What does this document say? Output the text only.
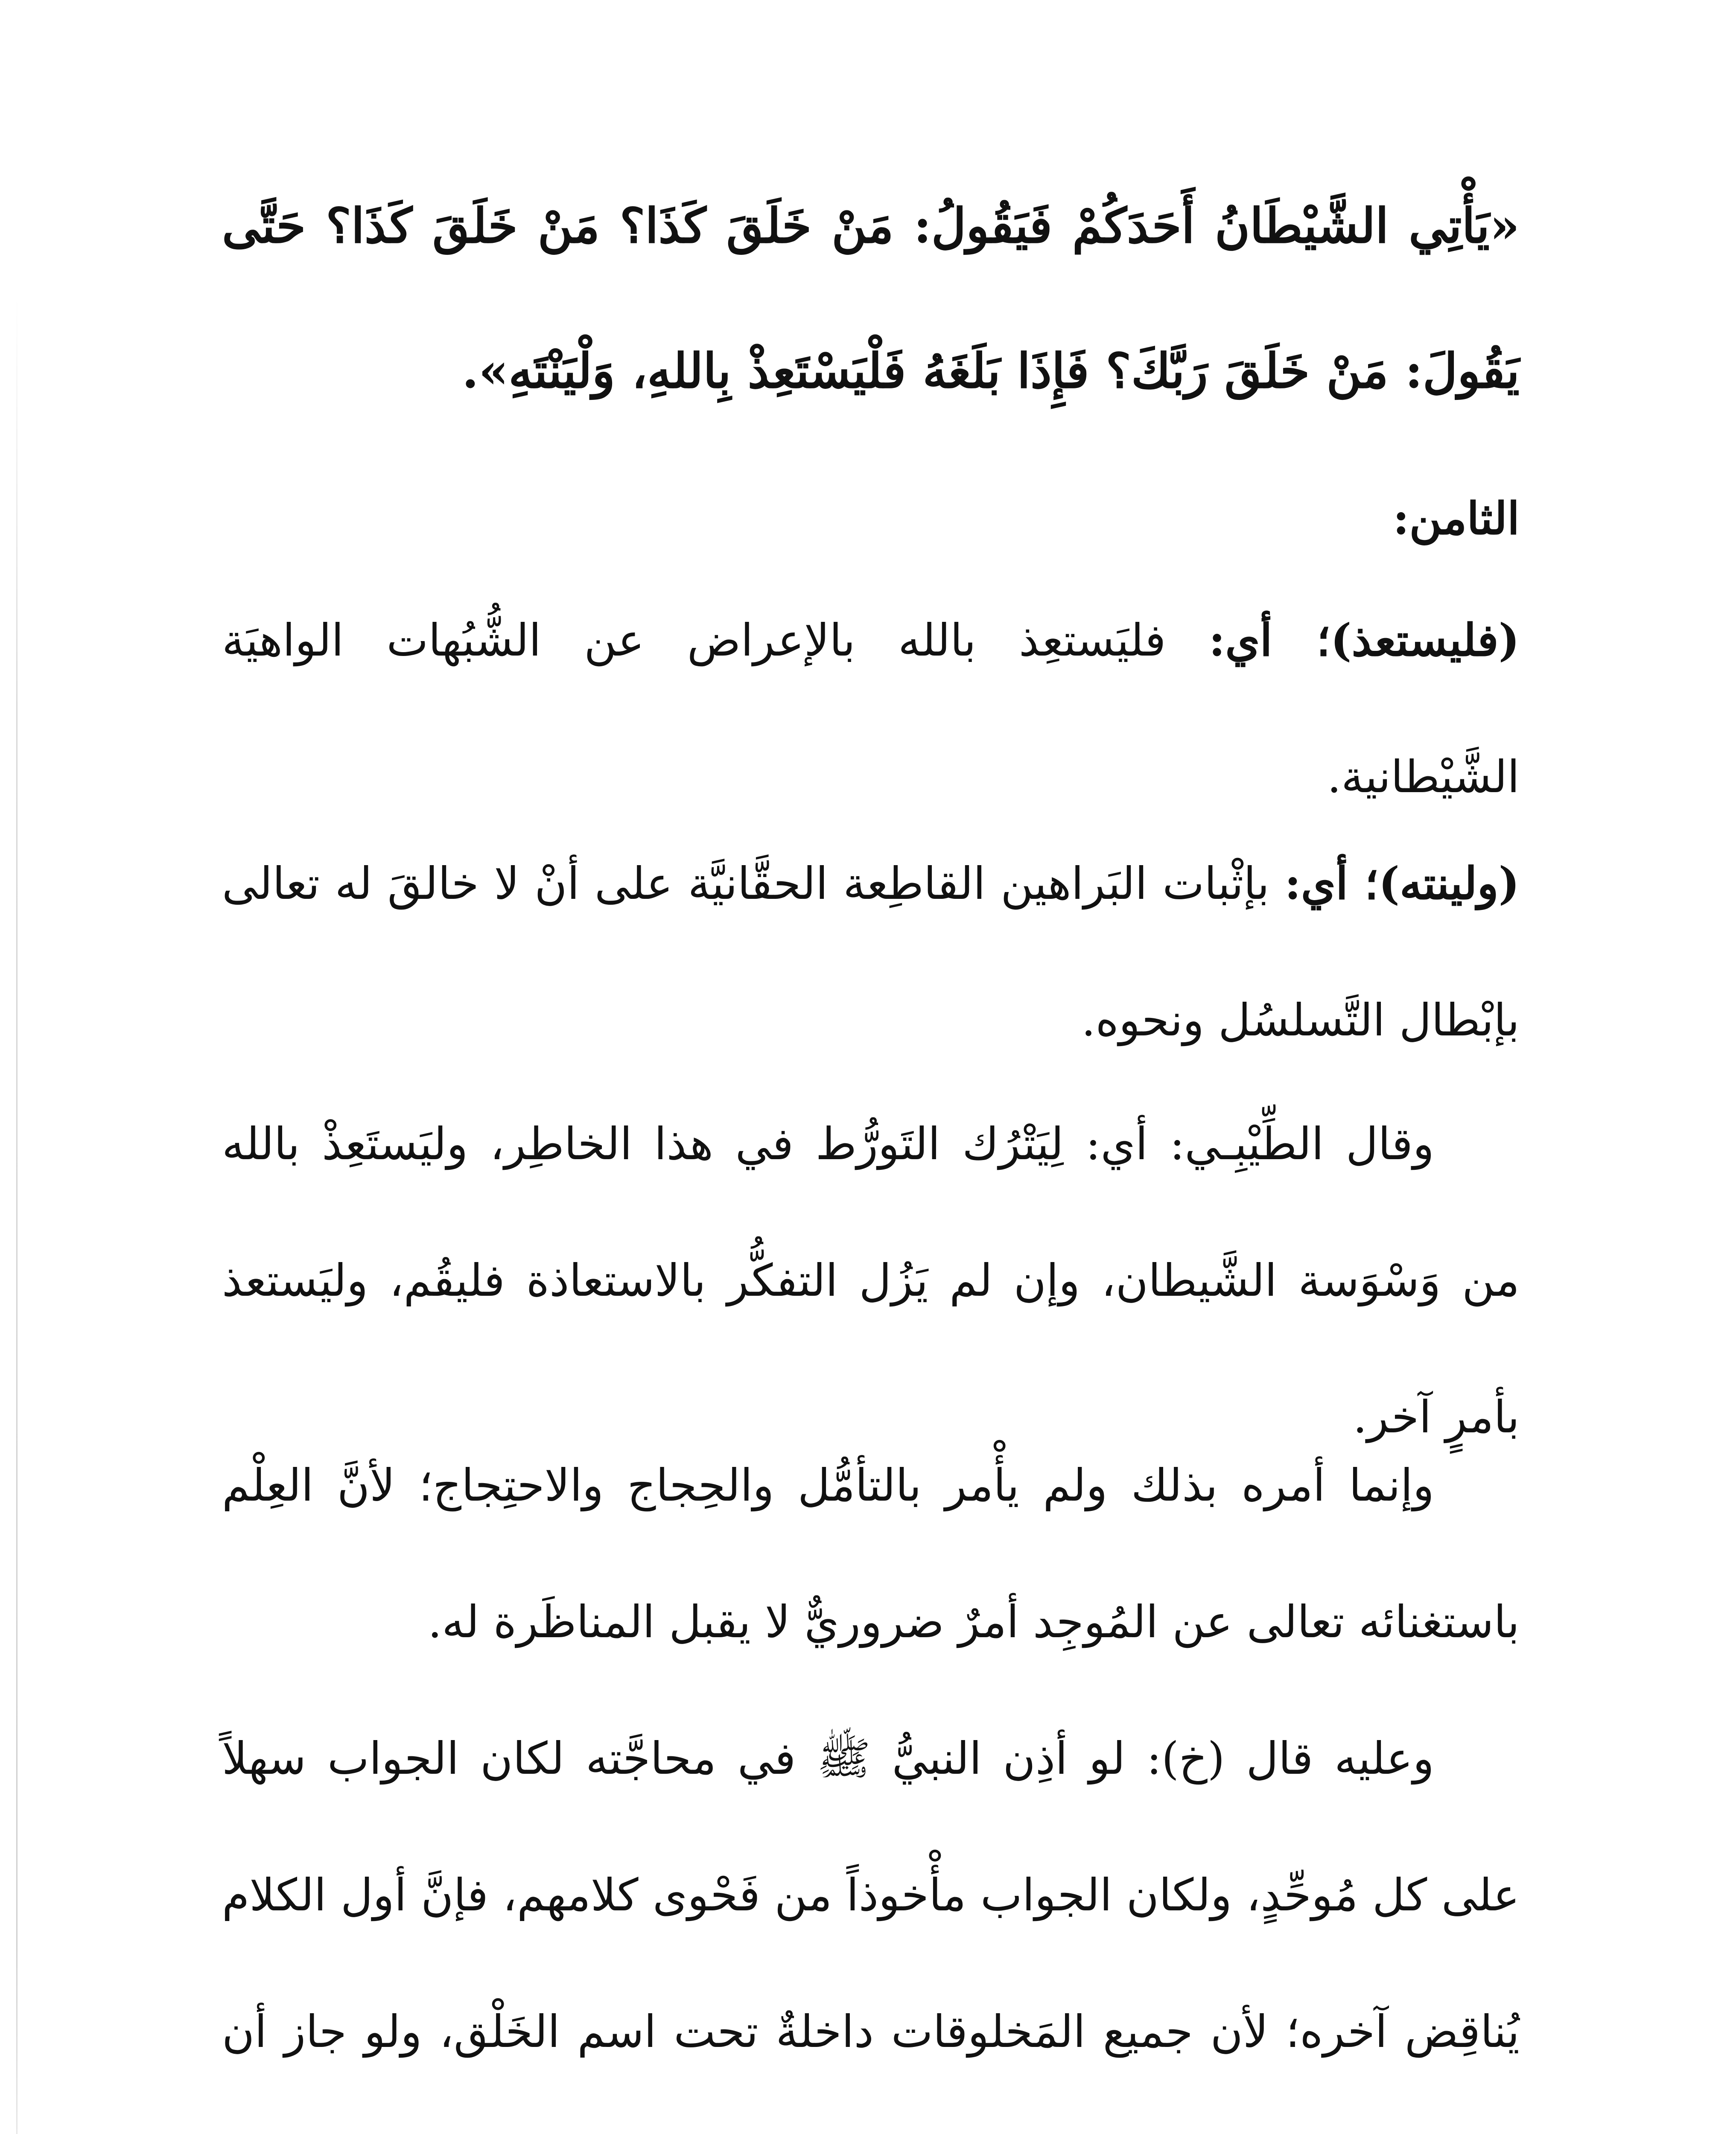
«يَأْتِي الشَّيْطَانُ أَحَدَكُمْ فَيَقُولُ: مَنْ خَلَقَ كَذَا؟ مَنْ خَلَقَ كَذَا؟ حَتَّى يَقُولَ: مَنْ خَلَقَ رَبَّكَ؟ فَإِذَا بَلَغَهُ فَلْيَسْتَعِذْ بِاللهِ، وَلْيَنْتَهِ».
الثامن:
(فليستعذ)؛ أي: فليَستعِذ بالله بالإعراض عن الشُّبُهات الواهيَة الشَّيْطانية.
(ولينته)؛ أي: بإثْبات البَراهين القاطِعة الحقَّانيَّة على أنْ لا خالقَ له تعالى بإبْطال التَّسلسُل ونحوه.
وقال الطِّيْبِـي: أي: لِيَتْرُك التَورُّط في هذا الخاطِر، وليَستَعِذْ بالله من وَسْوَسة الشَّيطان، وإن لم يَزُل التفكُّر بالاستعاذة فليقُم، وليَستعذ بأمرٍ آخر.
وإنما أمره بذلك ولم يأْمر بالتأمُّل والحِجاج والاحتِجاج؛ لأنَّ العِلْم باستغنائه تعالى عن المُوجِد أمرٌ ضروريٌّ لا يقبل المناظَرة له.
وعليه قال (خ): لو أذِن النبيُّ ﷺ في محاجَّته لكان الجواب سهلاً على كل مُوحِّدٍ، ولكان الجواب مأْخوذاً من فَحْوى كلامهم، فإنَّ أول الكلام يُناقِض آخره؛ لأن جميع المَخلوقات داخلةٌ تحت اسم الخَلْق، ولو جاز أن
